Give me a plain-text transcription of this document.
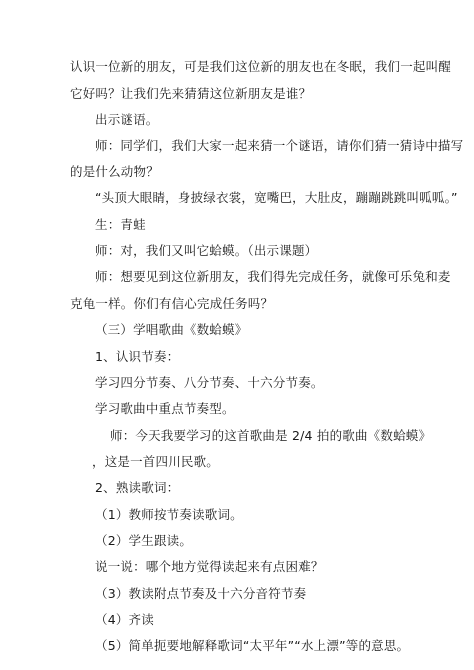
认识一位新的朋友，可是我们这位新的朋友也在冬眠，我们一起叫醒
它好吗？让我们先来猜猜这位新朋友是谁？
出示谜语。
师：同学们，我们大家一起来猜一个谜语，请你们猜一猜诗中描写
的是什么动物？
“头顶大眼睛，身披绿衣裳，宽嘴巴，大肚皮，蹦蹦跳跳叫呱呱。”
生：青蛙
师：对，我们又叫它蛤蟆。（出示课题）
师：想要见到这位新朋友，我们得先完成任务，就像可乐兔和麦
克龟一样。你们有信心完成任务吗？
（三）学唱歌曲《数蛤蟆》
1、认识节奏：
学习四分节奏、八分节奏、十六分节奏。
学习歌曲中重点节奏型。
师：今天我要学习的这首歌曲是 2/4 拍的歌曲《数蛤蟆》
，这是一首四川民歌。
2、熟读歌词：
（1）教师按节奏读歌词。
（2）学生跟读。
说一说：哪个地方觉得读起来有点困难？
（3）教读附点节奏及十六分音符节奏
（4）齐读
（5）简单扼要地解释歌词“太平年”“水上漂”等的意思。
